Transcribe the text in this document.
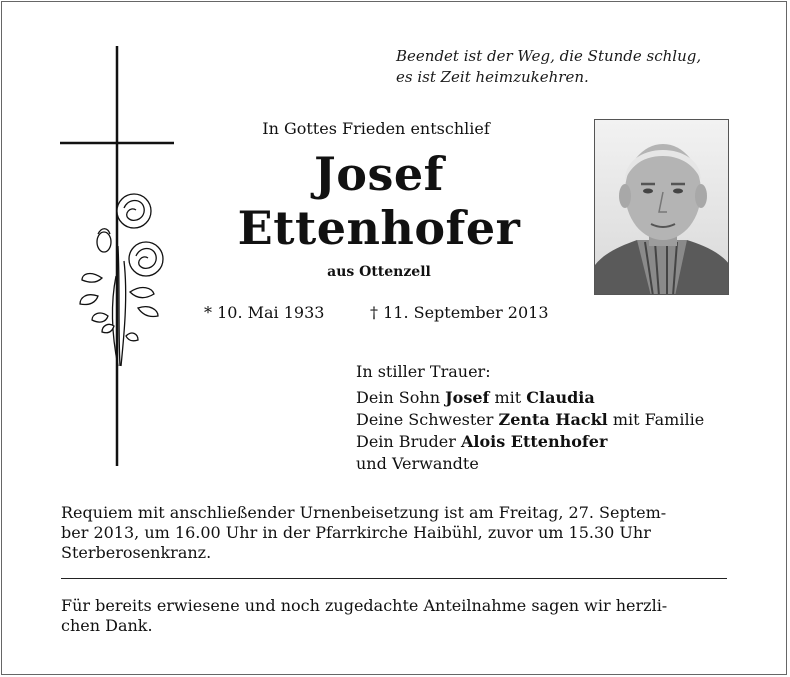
Beendet ist der Weg, die Stunde schlug,
es ist Zeit heimzukehren.
In Gottes Frieden entschlief
Josef
Ettenhofer
aus Ottenzell
* 10. Mai 1933	† 11. September 2013
In stiller Trauer:
Dein Sohn Josef mit Claudia
Deine Schwester Zenta Hackl mit Familie
Dein Bruder Alois Ettenhofer
und Verwandte
Requiem mit anschließender Urnenbeisetzung ist am Freitag, 27. Septem-
ber 2013, um 16.00 Uhr in der Pfarrkirche Haibühl, zuvor um 15.30 Uhr
Sterberosenkranz.
Für bereits erwiesene und noch zugedachte Anteilnahme sagen wir herzli-
chen Dank.
